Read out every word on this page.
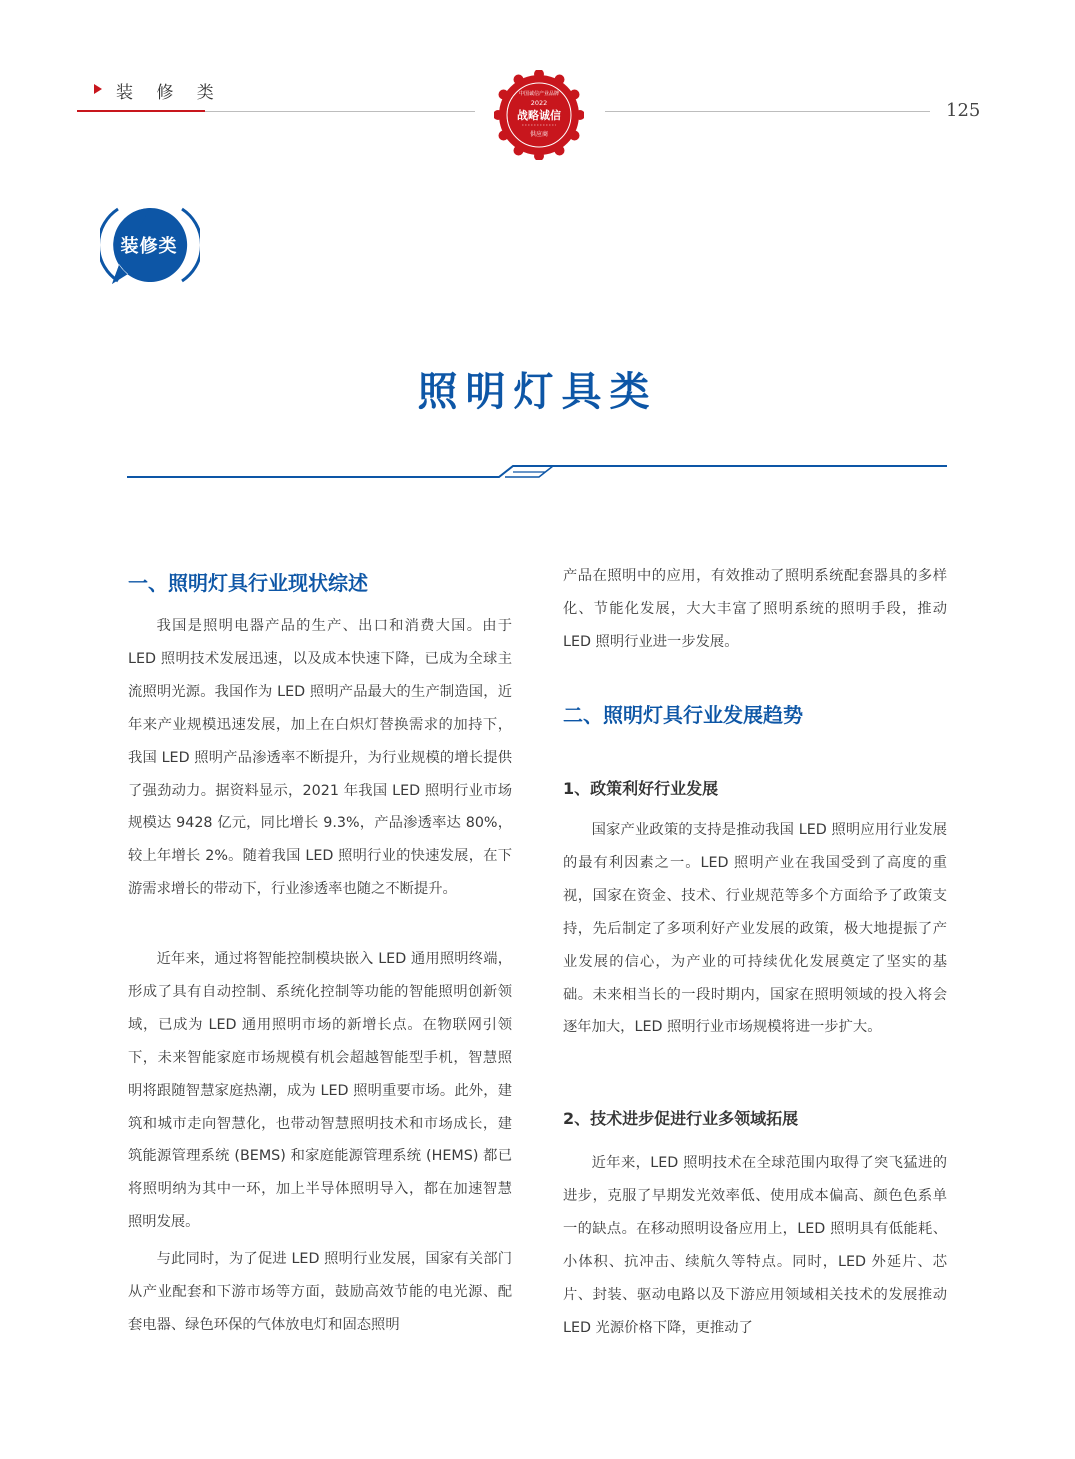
装 修 类
125
中国诚信产业品牌
2022
战略诚信
供应商
装修类
照明灯具类
一、照明灯具行业现状综述

我国是照明电器产品的生产、出口和消费大国。由于 LED 照明技术发展迅速，以及成本快速下降，已成为全球主流照明光源。我国作为 LED 照明产品最大的生产制造国，近年来产业规模迅速发展，加上在白炽灯替换需求的加持下，我国 LED 照明产品渗透率不断提升，为行业规模的增长提供了强劲动力。据资料显示，2021 年我国 LED 照明行业市场规模达 9428 亿元，同比增长 9.3%，产品渗透率达 80%，较上年增长 2%。随着我国 LED 照明行业的快速发展，在下游需求增长的带动下，行业渗透率也随之不断提升。

近年来，通过将智能控制模块嵌入 LED 通用照明终端，形成了具有自动控制、系统化控制等功能的智能照明创新领域，已成为 LED 通用照明市场的新增长点。在物联网引领下，未来智能家庭市场规模有机会超越智能型手机，智慧照明将跟随智慧家庭热潮，成为 LED 照明重要市场。此外，建筑和城市走向智慧化，也带动智慧照明技术和市场成长，建筑能源管理系统 (BEMS) 和家庭能源管理系统 (HEMS) 都已将照明纳为其中一环，加上半导体照明导入，都在加速智慧照明发展。

与此同时，为了促进 LED 照明行业发展，国家有关部门从产业配套和下游市场等方面，鼓励高效节能的电光源、配套电器、绿色环保的气体放电灯和固态照明

产品在照明中的应用，有效推动了照明系统配套器具的多样化、节能化发展，大大丰富了照明系统的照明手段，推动 LED 照明行业进一步发展。

二、照明灯具行业发展趋势
1、政策利好行业发展

国家产业政策的支持是推动我国 LED 照明应用行业发展的最有利因素之一。LED 照明产业在我国受到了高度的重视，国家在资金、技术、行业规范等多个方面给予了政策支持，先后制定了多项利好产业发展的政策，极大地提振了产业发展的信心，为产业的可持续优化发展奠定了坚实的基础。未来相当长的一段时期内，国家在照明领域的投入将会逐年加大，LED 照明行业市场规模将进一步扩大。

2、技术进步促进行业多领域拓展

近年来，LED 照明技术在全球范围内取得了突飞猛进的进步，克服了早期发光效率低、使用成本偏高、颜色色系单一的缺点。在移动照明设备应用上，LED 照明具有低能耗、小体积、抗冲击、续航久等特点。同时，LED 外延片、芯片、封装、驱动电路以及下游应用领域相关技术的发展推动 LED 光源价格下降，更推动了
